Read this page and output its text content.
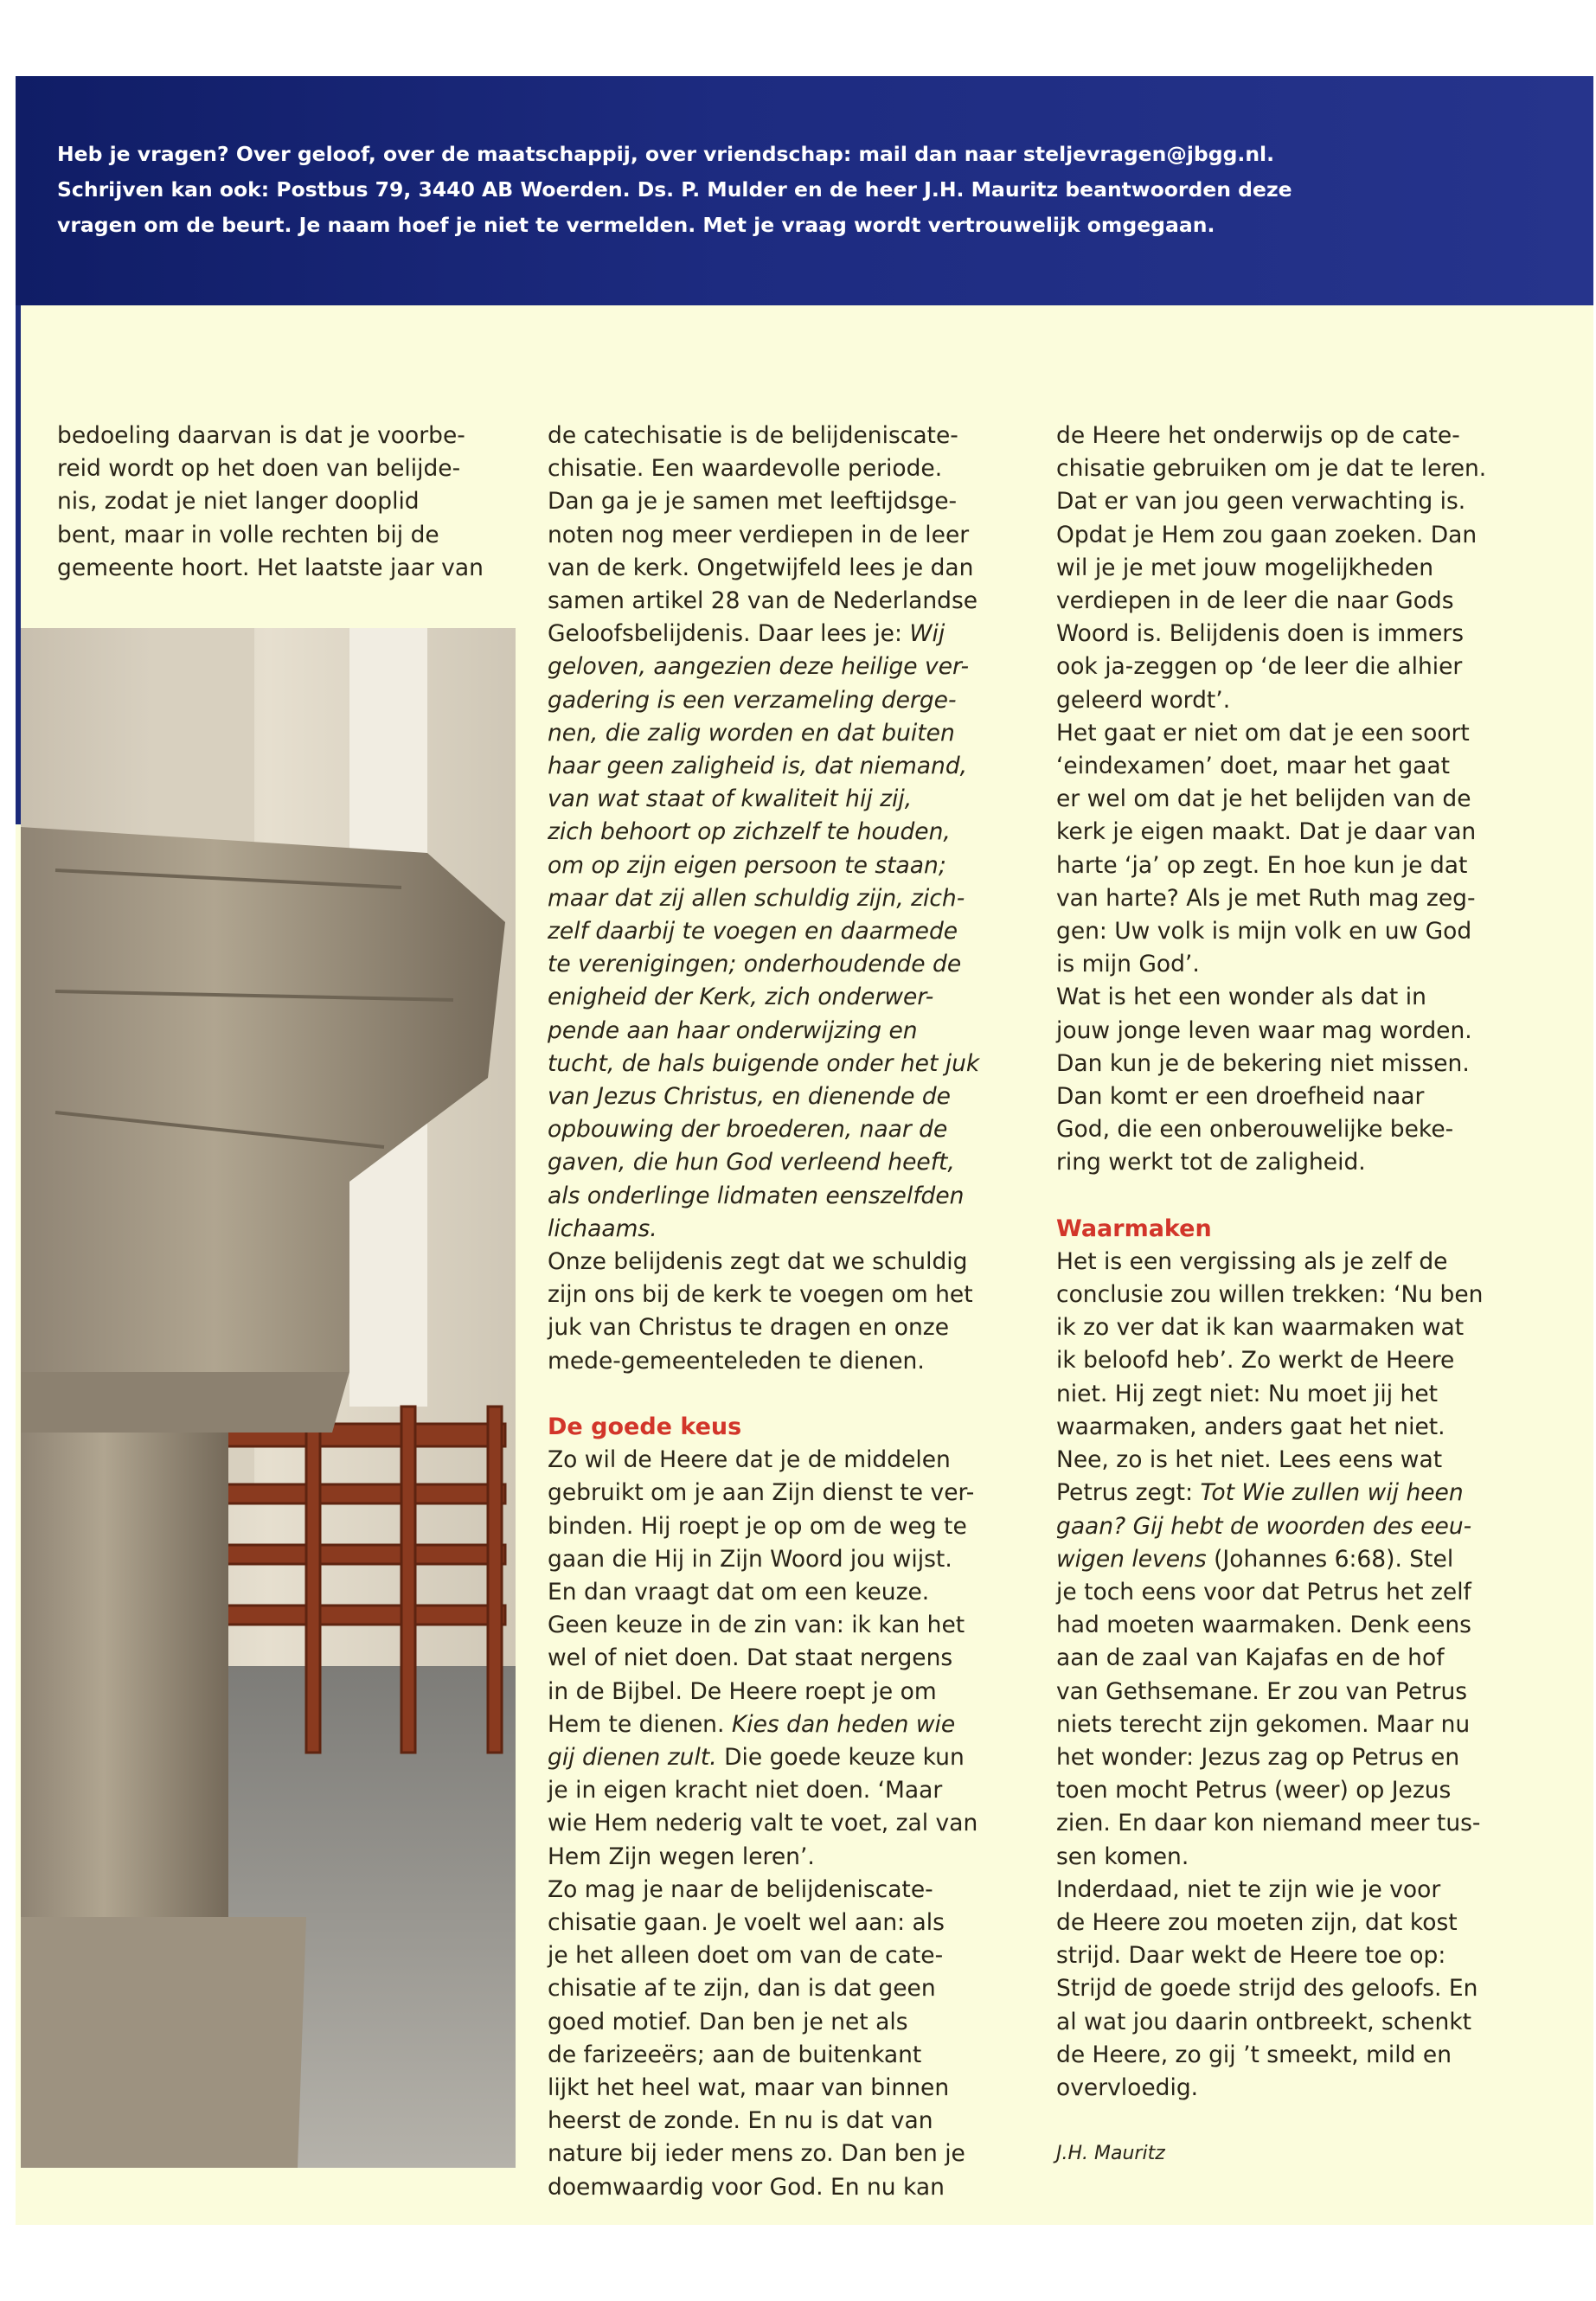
Heb je vragen? Over geloof, over de maatschappij, over vriendschap: mail dan naar steljevragen@jbgg.nl.
Schrijven kan ook: Postbus 79, 3440 AB Woerden. Ds. P. Mulder en de heer J.H. Mauritz beantwoorden deze
vragen om de beurt. Je naam hoef je niet te vermelden. Met je vraag wordt vertrouwelijk omgegaan.

bedoeling daarvan is dat je voorbe-
reid wordt op het doen van belijde-
nis, zodat je niet langer dooplid
bent, maar in volle rechten bij de
gemeente hoort. Het laatste jaar van

de catechisatie is de belijdeniscate-
chisatie. Een waardevolle periode.
Dan ga je je samen met leeftijdsge-
noten nog meer verdiepen in de leer
van de kerk. Ongetwijfeld lees je dan
samen artikel 28 van de Nederlandse
Geloofsbelijdenis. Daar lees je: Wij
geloven, aangezien deze heilige ver-
gadering is een verzameling derge-
nen, die zalig worden en dat buiten
haar geen zaligheid is, dat niemand,
van wat staat of kwaliteit hij zij,
zich behoort op zichzelf te houden,
om op zijn eigen persoon te staan;
maar dat zij allen schuldig zijn, zich-
zelf daarbij te voegen en daarmede
te verenigingen; onderhoudende de
enigheid der Kerk, zich onderwer-
pende aan haar onderwijzing en
tucht, de hals buigende onder het juk
van Jezus Christus, en dienende de
opbouwing der broederen, naar de
gaven, die hun God verleend heeft,
als onderlinge lidmaten eenszelfden
lichaams.
Onze belijdenis zegt dat we schuldig
zijn ons bij de kerk te voegen om het
juk van Christus te dragen en onze
mede-gemeenteleden te dienen.
De goede keus
Zo wil de Heere dat je de middelen
gebruikt om je aan Zijn dienst te ver-
binden. Hij roept je op om de weg te
gaan die Hij in Zijn Woord jou wijst.
En dan vraagt dat om een keuze.
Geen keuze in de zin van: ik kan het
wel of niet doen. Dat staat nergens
in de Bijbel. De Heere roept je om
Hem te dienen. Kies dan heden wie
gij dienen zult. Die goede keuze kun
je in eigen kracht niet doen. ‘Maar
wie Hem nederig valt te voet, zal van
Hem Zijn wegen leren’.
Zo mag je naar de belijdeniscate-
chisatie gaan. Je voelt wel aan: als
je het alleen doet om van de cate-
chisatie af te zijn, dan is dat geen
goed motief. Dan ben je net als
de farizeeërs; aan de buitenkant
lijkt het heel wat, maar van binnen
heerst de zonde. En nu is dat van
nature bij ieder mens zo. Dan ben je
doemwaardig voor God. En nu kan

de Heere het onderwijs op de cate-
chisatie gebruiken om je dat te leren.
Dat er van jou geen verwachting is.
Opdat je Hem zou gaan zoeken. Dan
wil je je met jouw mogelijkheden
verdiepen in de leer die naar Gods
Woord is. Belijdenis doen is immers
ook ja-zeggen op ‘de leer die alhier
geleerd wordt’.
Het gaat er niet om dat je een soort
‘eindexamen’ doet, maar het gaat
er wel om dat je het belijden van de
kerk je eigen maakt. Dat je daar van
harte ‘ja’ op zegt. En hoe kun je dat
van harte? Als je met Ruth mag zeg-
gen: Uw volk is mijn volk en uw God
is mijn God’.
Wat is het een wonder als dat in
jouw jonge leven waar mag worden.
Dan kun je de bekering niet missen.
Dan komt er een droefheid naar
God, die een onberouwelijke beke-
ring werkt tot de zaligheid.
Waarmaken
Het is een vergissing als je zelf de
conclusie zou willen trekken: ‘Nu ben
ik zo ver dat ik kan waarmaken wat
ik beloofd heb’. Zo werkt de Heere
niet. Hij zegt niet: Nu moet jij het
waarmaken, anders gaat het niet.
Nee, zo is het niet. Lees eens wat
Petrus zegt: Tot Wie zullen wij heen
gaan? Gij hebt de woorden des eeu-
wigen levens (Johannes 6:68). Stel
je toch eens voor dat Petrus het zelf
had moeten waarmaken. Denk eens
aan de zaal van Kajafas en de hof
van Gethsemane. Er zou van Petrus
niets terecht zijn gekomen. Maar nu
het wonder: Jezus zag op Petrus en
toen mocht Petrus (weer) op Jezus
zien. En daar kon niemand meer tus-
sen komen.
Inderdaad, niet te zijn wie je voor
de Heere zou moeten zijn, dat kost
strijd. Daar wekt de Heere toe op:
Strijd de goede strijd des geloofs. En
al wat jou daarin ontbreekt, schenkt
de Heere, zo gij ’t smeekt, mild en
overvloedig.
J.H. Mauritz
